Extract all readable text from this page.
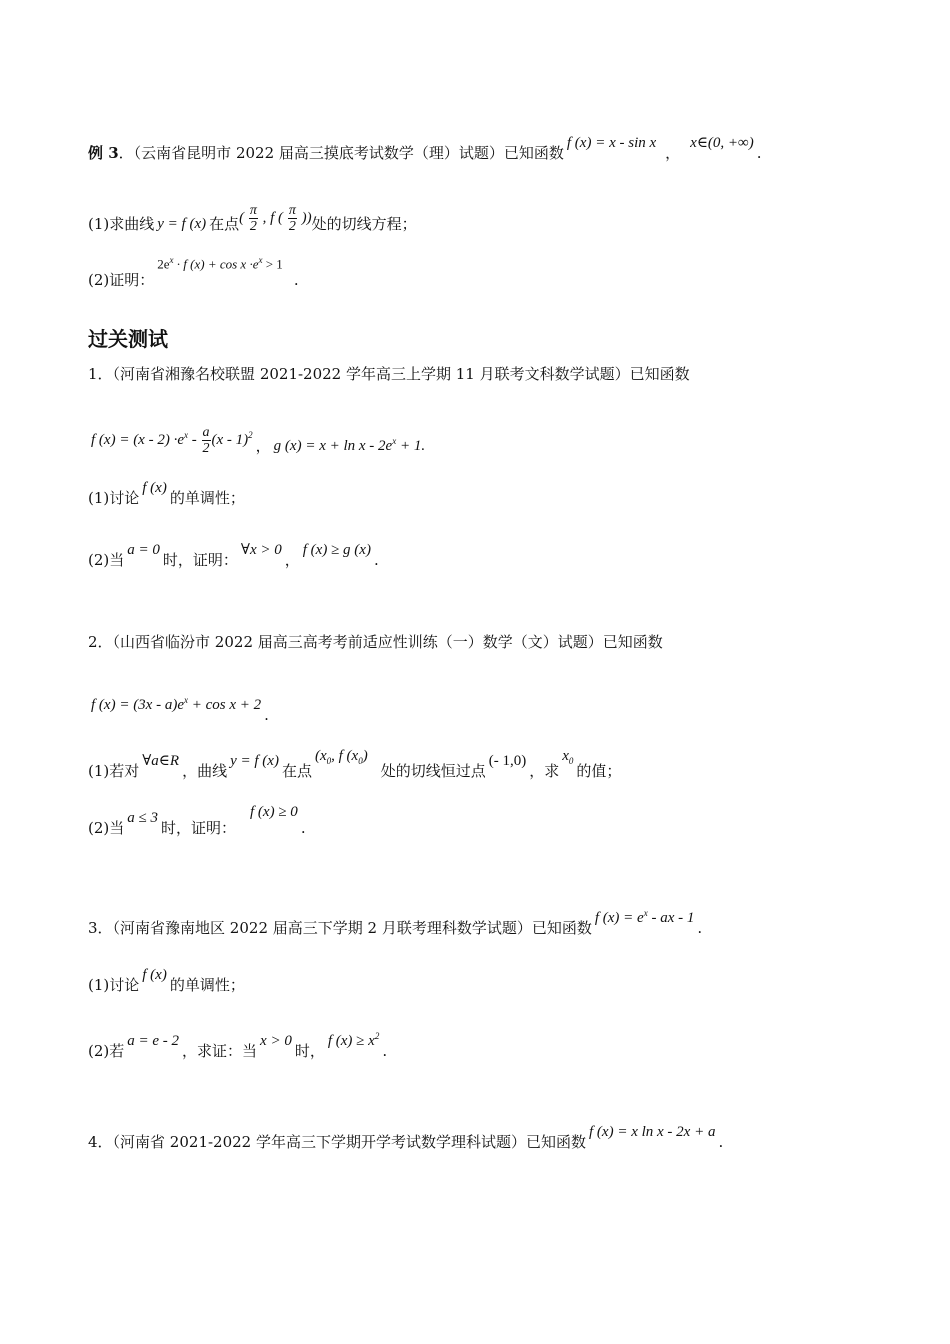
例 3 ．（云南省昆明市 2022 届高三摸底考试数学（理）试题）已知函数
f (x) = x - sin x
，
x∈(0, +∞)
.
(1)求曲线 y = f (x) 在点 ( $\frac{\pi}{2}$ , f ( $\frac{\pi}{2}$ )) 处的切线方程；
(2)证明：
$2e^x \cdot f$ $(x) + \cos x \cdot e^x > 1$
.
过关测试
1．（河南省湘豫名校联盟 2021-2022 学年高三上学期 11 月联考文科数学试题）已知函数
f $(x) = (x - 2) \cdot e^x - \frac{a}{2} (x - 1)^2$
， g $(x) = x + \ln x - 2e^x + 1$.
(1)讨论
f (x)
的单调性；
(2)当
a = 0
时，证明：
∀x > 0
，
f (x) ≥ g (x)
.
2．（山西省临汾市 2022 届高三高考考前适应性训练（一）数学（文）试题）已知函数
f $(x) = (3x - a)e^x + \cos x + 2$
.
(1)若对
∀a∈R
，曲线
y = f (x)
在点
($x_0$, f $(x_0)$
处的切线恒过点
(- 1,0)
，求
$x_0$
的值；
(2)当
a ≤ 3
时，证明：
f (x) ≥ 0
.
3．（河南省豫南地区 2022 届高三下学期 2 月联考理科数学试题）已知函数
f $(x) = e^x$ - ax - 1
.
(1)讨论
f (x)
的单调性；
(2)若
a = e - 2
，求证：当
x > 0
时，
f $(x) \ge x^2$
.
4．（河南省 2021-2022 学年高三下学期开学考试数学理科试题）已知函数
f (x) = x ln x - 2x + a
.
